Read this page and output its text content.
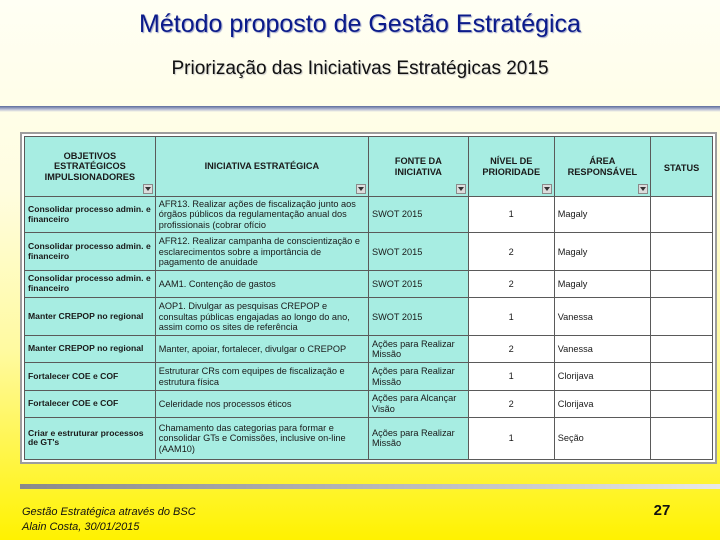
Método proposto de Gestão Estratégica
Priorização das Iniciativas Estratégicas 2015
OBJETIVOS ESTRATÉGICOS IMPULSIONADORES	INICIATIVA ESTRATÉGICA	FONTE DA INICIATIVA	NÍVEL DE PRIORIDADE	ÁREA RESPONSÁVEL	STATUS
Consolidar processo admin. e financeiro	AFR13. Realizar ações de fiscalização junto aos órgãos públicos da regulamentação anual dos profissionais (cobrar ofício	SWOT 2015	1	Magaly	
Consolidar processo admin. e financeiro	AFR12. Realizar campanha de conscientização e esclarecimentos sobre a importância de pagamento de anuidade	SWOT 2015	2	Magaly	
Consolidar processo admin. e financeiro	AAM1. Contenção de gastos	SWOT 2015	2	Magaly	
Manter CREPOP no regional	AOP1. Divulgar as pesquisas CREPOP e consultas públicas engajadas ao longo do ano, assim como os sites de referência	SWOT 2015	1	Vanessa	
Manter CREPOP no regional	Manter, apoiar, fortalecer, divulgar o CREPOP	Ações para Realizar Missão	2	Vanessa	
Fortalecer COE e COF	Estruturar CRs com equipes de fiscalização e estrutura física	Ações para Realizar Missão	1	Clorijava	
Fortalecer COE e COF	Celeridade nos processos éticos	Ações para Alcançar Visão	2	Clorijava	
Criar e estruturar processos de GT's	Chamamento das categorias para formar e consolidar GTs e Comissões, inclusive on-line (AAM10)	Ações para Realizar Missão	1	Seção	
Gestão Estratégica através do BSC
Alain Costa, 30/01/2015
27
